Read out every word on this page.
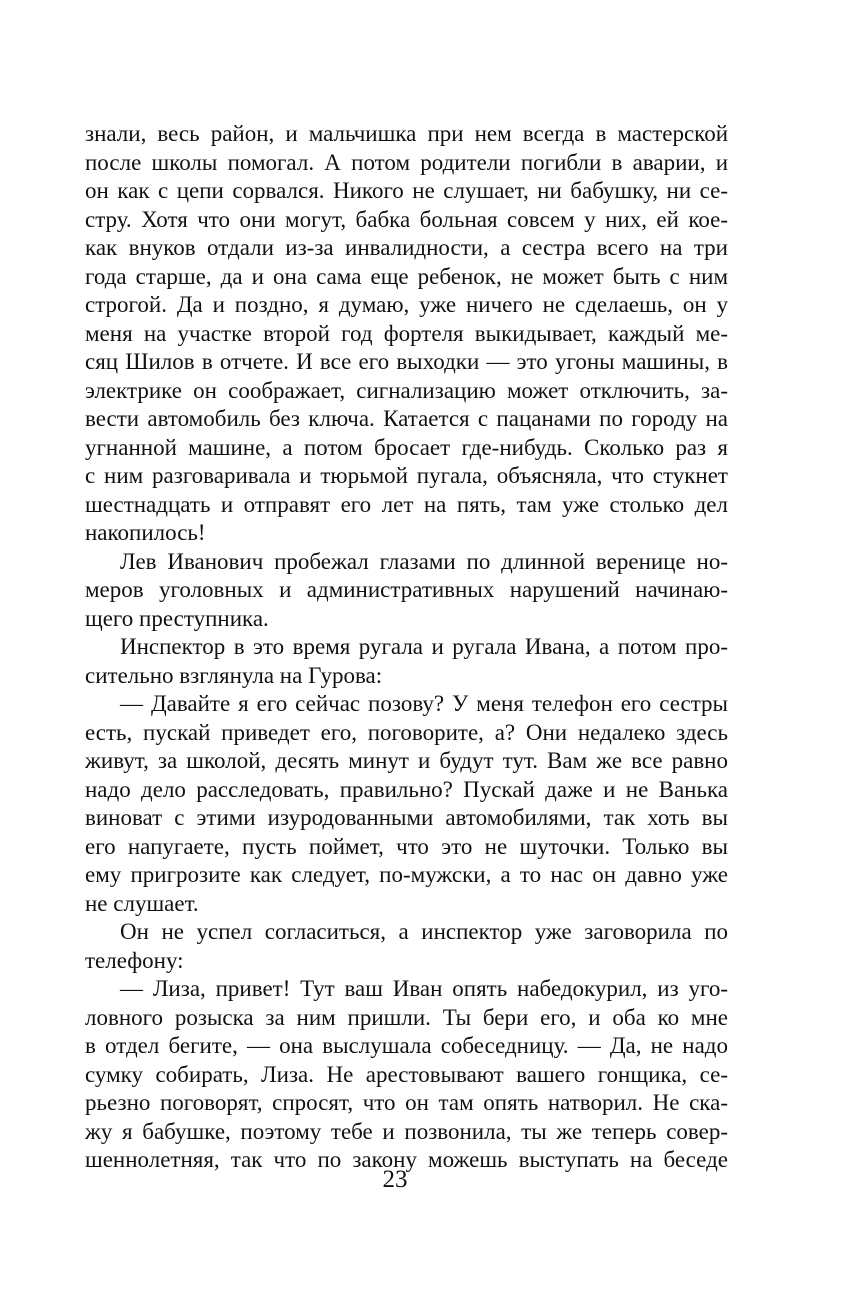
знали, весь район, и мальчишка при нем всегда в мастерской
после школы помогал. А потом родители погибли в аварии, и
он как с цепи сорвался. Никого не слушает, ни бабушку, ни се-
стру. Хотя что они могут, бабка больная совсем у них, ей кое-
как внуков отдали из-за инвалидности, а сестра всего на три
года старше, да и она сама еще ребенок, не может быть с ним
строгой. Да и поздно, я думаю, уже ничего не сделаешь, он у
меня на участке второй год фортеля выкидывает, каждый ме-
сяц Шилов в отчете. И все его выходки — это угоны машины, в
электрике он соображает, сигнализацию может отключить, за-
вести автомобиль без ключа. Катается с пацанами по городу на
угнанной машине, а потом бросает где-нибудь. Сколько раз я
с ним разговаривала и тюрьмой пугала, объясняла, что стукнет
шестнадцать и отправят его лет на пять, там уже столько дел
накопилось!
Лев Иванович пробежал глазами по длинной веренице но-
меров уголовных и административных нарушений начинаю-
щего преступника.
Инспектор в это время ругала и ругала Ивана, а потом про-
сительно взглянула на Гурова:
— Давайте я его сейчас позову? У меня телефон его сестры
есть, пускай приведет его, поговорите, а? Они недалеко здесь
живут, за школой, десять минут и будут тут. Вам же все равно
надо дело расследовать, правильно? Пускай даже и не Ванька
виноват с этими изуродованными автомобилями, так хоть вы
его напугаете, пусть поймет, что это не шуточки. Только вы
ему пригрозите как следует, по-мужски, а то нас он давно уже
не слушает.
Он не успел согласиться, а инспектор уже заговорила по
телефону:
— Лиза, привет! Тут ваш Иван опять набедокурил, из уго-
ловного розыска за ним пришли. Ты бери его, и оба ко мне
в отдел бегите, — она выслушала собеседницу. — Да, не надо
сумку собирать, Лиза. Не арестовывают вашего гонщика, се-
рьезно поговорят, спросят, что он там опять натворил. Не ска-
жу я бабушке, поэтому тебе и позвонила, ты же теперь совер-
шеннолетняя, так что по закону можешь выступать на беседе
23
